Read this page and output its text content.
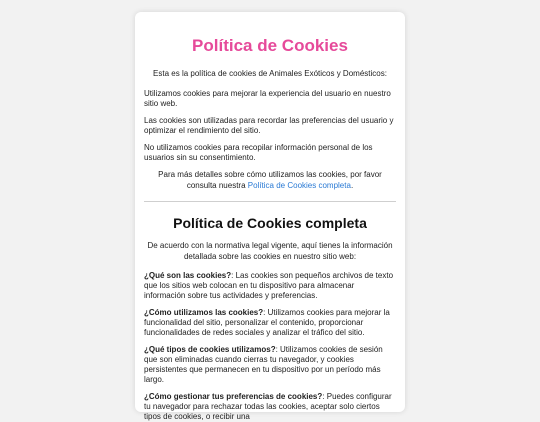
Política de Cookies

Esta es la política de cookies de Animales Exóticos y Domésticos:

Utilizamos cookies para mejorar la experiencia del usuario en nuestro sitio web.

Las cookies son utilizadas para recordar las preferencias del usuario y optimizar el rendimiento del sitio.

No utilizamos cookies para recopilar información personal de los usuarios sin su consentimiento.

Para más detalles sobre cómo utilizamos las cookies, por favor consulta nuestra Política de Cookies completa.

Política de Cookies completa

De acuerdo con la normativa legal vigente, aquí tienes la información detallada sobre las cookies en nuestro sitio web:

¿Qué son las cookies?: Las cookies son pequeños archivos de texto que los sitios web colocan en tu dispositivo para almacenar información sobre tus actividades y preferencias.

¿Cómo utilizamos las cookies?: Utilizamos cookies para mejorar la funcionalidad del sitio, personalizar el contenido, proporcionar funcionalidades de redes sociales y analizar el tráfico del sitio.

¿Qué tipos de cookies utilizamos?: Utilizamos cookies de sesión que son eliminadas cuando cierras tu navegador, y cookies persistentes que permanecen en tu dispositivo por un período más largo.

¿Cómo gestionar tus preferencias de cookies?: Puedes configurar tu navegador para rechazar todas las cookies, aceptar solo ciertos tipos de cookies, o recibir una
